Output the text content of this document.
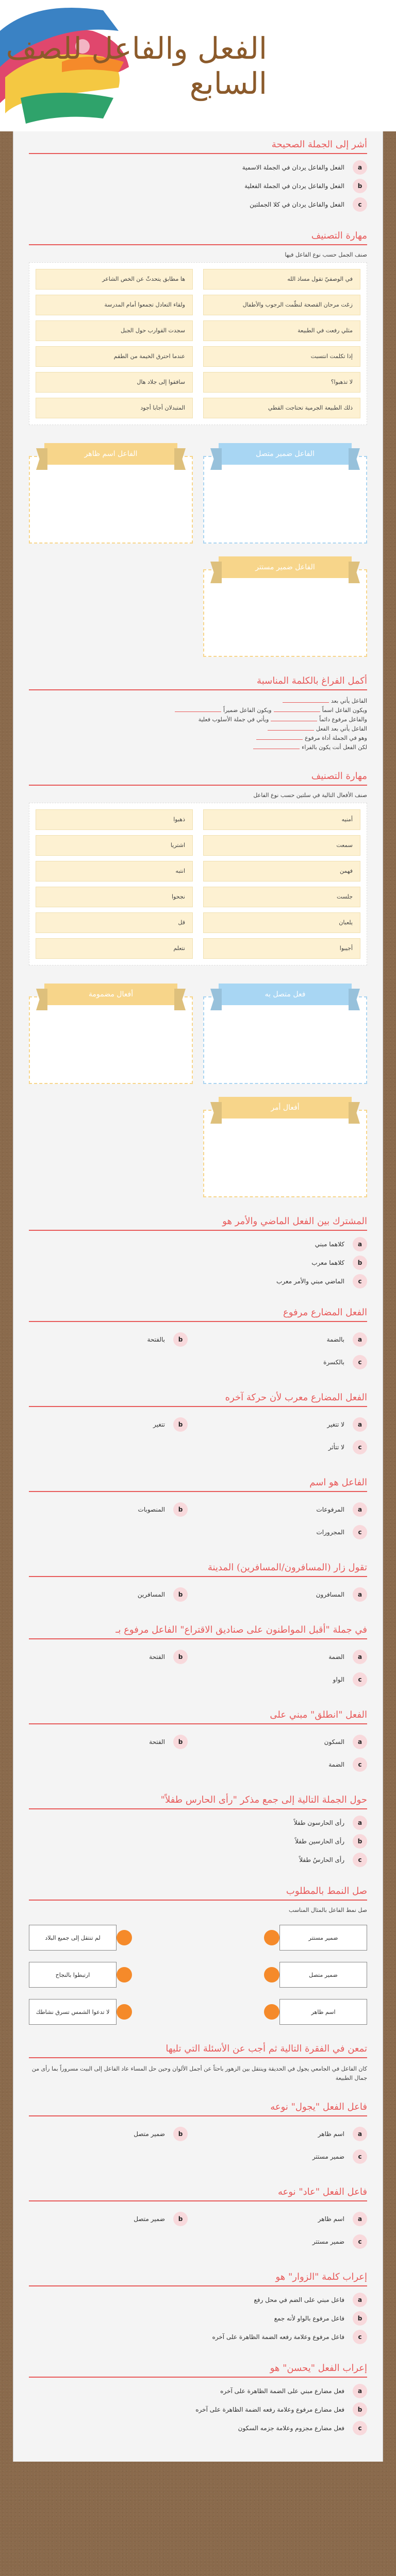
الفعل والفاعل للصف السابع
أشر إلى الجملة الصحيحة
a
الفعل والفاعل يردان في الجملة الاسمية
b
الفعل والفاعل يردان في الجملة الفعلية
c
الفعل والفاعل يردان في كلا الجملتين
مهارة التصنيف
صنف الجمل حسب نوع الفاعل فيها
في الوصفيّ تقول مساذ الله
ها مطابق يتحدثّ عن الخص الشاعر
زعَت مرحان القصحة لنظّمت الرجوب والأطفال
ولقاء التعادل تجمعوا أمام المدرسة
مثلي رفعت في الطبيعة
سجدت القوارب حول الجبل
إذا تكلمت انتسبت
عندما احترق الخيمة من الطقم
لا تذهبوا؟
سافقوا إلى جلاد هال
ذلك الطبيعة الجرمية تحتاجت القطي
المتبدلان أجابا أجود
الفاعل ضمير متصل
الفاعل اسم ظاهر
الفاعل ضمير مستتر
أكمل الفراغ بالكلمة المناسبة
الفاعل يأتي بعد
ويكون الفاعل اسماًويكون الفاعل ضميراً
والفاعل مرفوع دائماًويأتي في جملة الأسلوب فعلية
الفاعل يأتي بعد الفعل
وهو في الجملة أداة مرفوع
لكن الفعل أنت يكون بالفراء
مهارة التصنيف
صنف الأفعال التالية في سلتين حسب نوع الفاعل
أمنيه
ذهبوا
سمعت
اشتريا
فهمن
انتبه
جلست
نجحوا
يلعبان
قل
أجيبوا
نتعلم
فعل متصل به
أفعال مضمومة
أفعال أمر
المشترك بين الفعل الماضي والأمر هو
a
كلاهما مبني
b
كلاهما معرب
c
الماضي مبني والأمر معرب
الفعل المضارع مرفوع
a
بالضمة
b
بالفتحة
c
بالكسرة
الفعل المضارع معرب لأن حركة آخره
a
لا تتغير
b
تتغير
c
لا تتأثر
الفاعل هو اسم
a
المرفوعات
b
المنصوبات
c
المجرورات
تقول زار (المسافرون/المسافرين) المدينة
a
المسافرون
b
المسافرين
في جملة "أقبل المواطنون على صناديق الاقتراع" الفاعل مرفوع بـ
a
الضمة
b
الفتحة
c
الواو
الفعل "انطلق" مبني على
a
السكون
b
الفتحة
c
الضمة
حول الجملة التالية إلى جمع مذكر "رأى الحارس طفلاً"
a
رأى الحارسون طفلاً
b
رأى الحارسين طفلاً
c
رأى الحارسُ طفلاً
صل النمط بالمطلوب
صل نمط الفاعل بالمثال المناسب
ضمير مستتر
لم تنتقل إلى جميع البلاد
ضمير متصل
ارتبطوا بالنجاح
اسم ظاهر
لا تدعوا الشمس تسرق نشاطك
تمعن في الفقرة التالية ثم أجب عن الأسئلة التي تليها
كان الفاعل في الجامعي يجول في الحديقة وينتقل بين الزهور باحثاً عن أجمل الألوان وحين حل المساء عاد الفاعل إلى البيت مسروراً بما رأى من جمال الطبيعة
فاعل الفعل "يجول" نوعه
a
اسم ظاهر
b
ضمير متصل
c
ضمير مستتر
فاعل الفعل "عاد" نوعه
a
اسم ظاهر
b
ضمير متصل
c
ضمير مستتر
إعراب كلمة "الزوار" هو
a
فاعل مبني على الضم في محل رفع
b
فاعل مرفوع بالواو لأنه جمع
c
فاعل مرفوع وعلامة رفعه الضمة الظاهرة على آخره
إعراب الفعل "يحسن" هو
a
فعل مضارع مبني على الضمة الظاهرة على آخره
b
فعل مضارع مرفوع وعلامة رفعه الضمة الظاهرة على آخره
c
فعل مضارع مجزوم وعلامة جزمه السكون
